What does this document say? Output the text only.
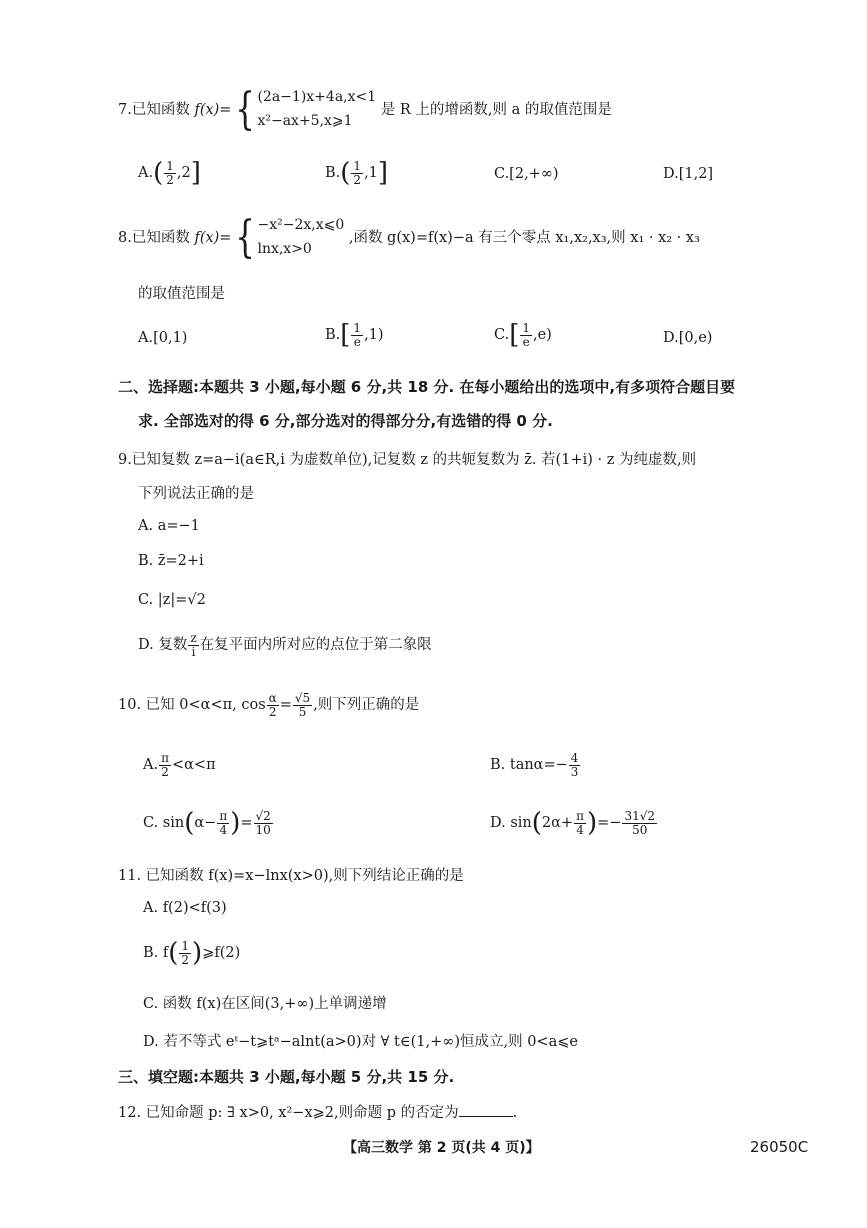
7.已知函数 f(x)={ (2a−1)x+4a,x<1
x²−ax+5,x⩾1 是 R 上的增函数,则 a 的取值范围是
$A.( \frac{1}{2} ,2]$	$B.( \frac{1}{2} ,1]$	C.[2,+∞)	D.[1,2]
8.已知函数 f(x)={ −x²−2x,x⩽0
lnx,x>0 ,函数 g(x)=f(x)−a 有三个零点 x₁,x₂,x₃,则 x₁ · x₂ · x₃
的取值范围是
A.[0,1)	$B.[ \frac{1}{e} ,1)$	$C.[ \frac{1}{e} ,e)$	D.[0,e)
二、选择题:本题共 3 小题,每小题 6 分,共 18 分. 在每小题给出的选项中,有多项符合题目要
求. 全部选对的得 6 分,部分选对的得部分分,有选错的得 0 分.
9.已知复数 z=a−i(a∈R,i 为虚数单位),记复数 z 的共轭复数为 z̄. 若(1+i) · z 为纯虚数,则
下列说法正确的是
A. a=−1
B. z̄=2+i
C. |z|=√2
D. 复数 $\frac{z}{i}$ 在复平面内所对应的点位于第二象限
10. 已知 0<α<π, $\cos \frac{\alpha}{2} = \frac{√5}{5}$ ,则下列正确的是
A. $\frac{\pi}{2} <\alpha<\pi$	B. $\tan\alpha=- \frac{4}{3}$
C. $\sin(\alpha- \frac{\pi}{4}$ )= $\frac{√2}{10}$	D. $\sin(2\alpha+ \frac{\pi}{4}$ )=− $\frac{31√2}{50}$
11. 已知函数 f(x)=x−lnx(x>0),则下列结论正确的是
A. f(2)<f(3)
B. $f( \frac{1}{2}$ )⩾f(2)
C. 函数 f(x)在区间(3,+∞)上单调递增
D. 若不等式 eᵗ−t⩾tᵃ−alnt(a>0)对 ∀ t∈(1,+∞)恒成立,则 0<a⩽e
三、填空题:本题共 3 小题,每小题 5 分,共 15 分.
12. 已知命题 p: ∃ x>0, x²−x⩾2,则命题 p 的否定为	.
【高三数学 第 2 页(共 4 页)】	26050C
